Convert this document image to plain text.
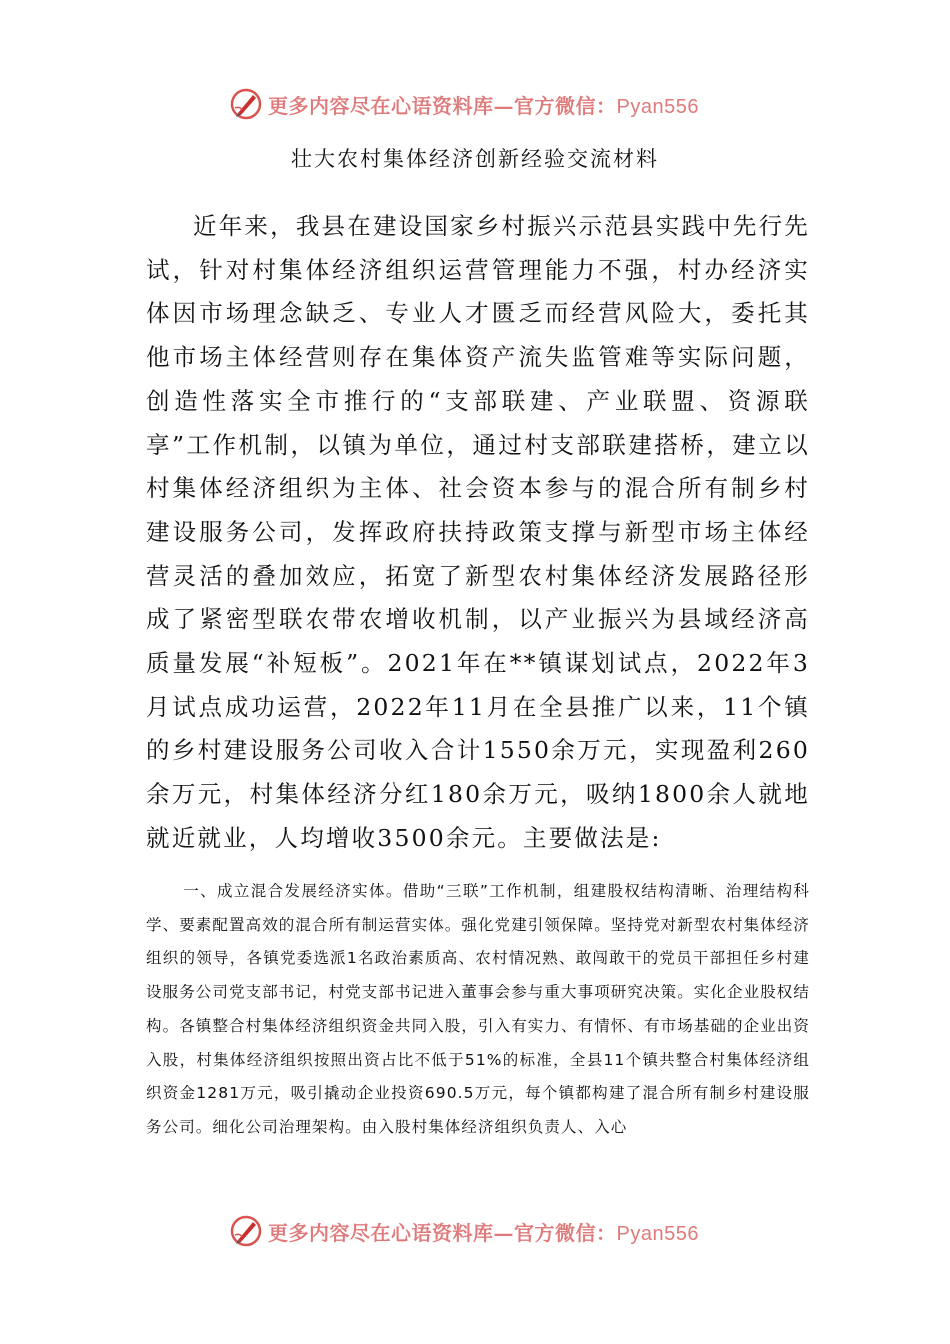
更多内容尽在心语资料库—官方微信：Pyan556
壮大农村集体经济创新经验交流材料

近年来，我县在建设国家乡村振兴示范县实践中先行先试，针对村集体经济组织运营管理能力不强，村办经济实体因市场理念缺乏、专业人才匮乏而经营风险大，委托其他市场主体经营则存在集体资产流失监管难等实际问题，创造性落实全市推行的“支部联建、产业联盟、资源联享”工作机制，以镇为单位，通过村支部联建搭桥，建立以村集体经济组织为主体、社会资本参与的混合所有制乡村建设服务公司，发挥政府扶持政策支撑与新型市场主体经营灵活的叠加效应，拓宽了新型农村集体经济发展路径形成了紧密型联农带农增收机制，以产业振兴为县域经济高质量发展“补短板”。2021年在**镇谋划试点，2022年3月试点成功运营，2022年11月在全县推广以来，11个镇的乡村建设服务公司收入合计1550余万元，实现盈利260余万元，村集体经济分红180余万元，吸纳1800余人就地就近就业，人均增收3500余元。主要做法是:

一、成立混合发展经济实体。借助“三联”工作机制，组建股权结构清晰、治理结构科学、要素配置高效的混合所有制运营实体。强化党建引领保障。坚持党对新型农村集体经济组织的领导，各镇党委选派1名政治素质高、农村情况熟、敢闯敢干的党员干部担任乡村建设服务公司党支部书记，村党支部书记进入董事会参与重大事项研究决策。实化企业股权结构。各镇整合村集体经济组织资金共同入股，引入有实力、有情怀、有市场基础的企业出资入股，村集体经济组织按照出资占比不低于51%的标准，全县11个镇共整合村集体经济组织资金1281万元，吸引撬动企业投资690.5万元，每个镇都构建了混合所有制乡村建设服务公司。细化公司治理架构。由入股村集体经济组织负责人、入心

更多内容尽在心语资料库—官方微信：Pyan556
